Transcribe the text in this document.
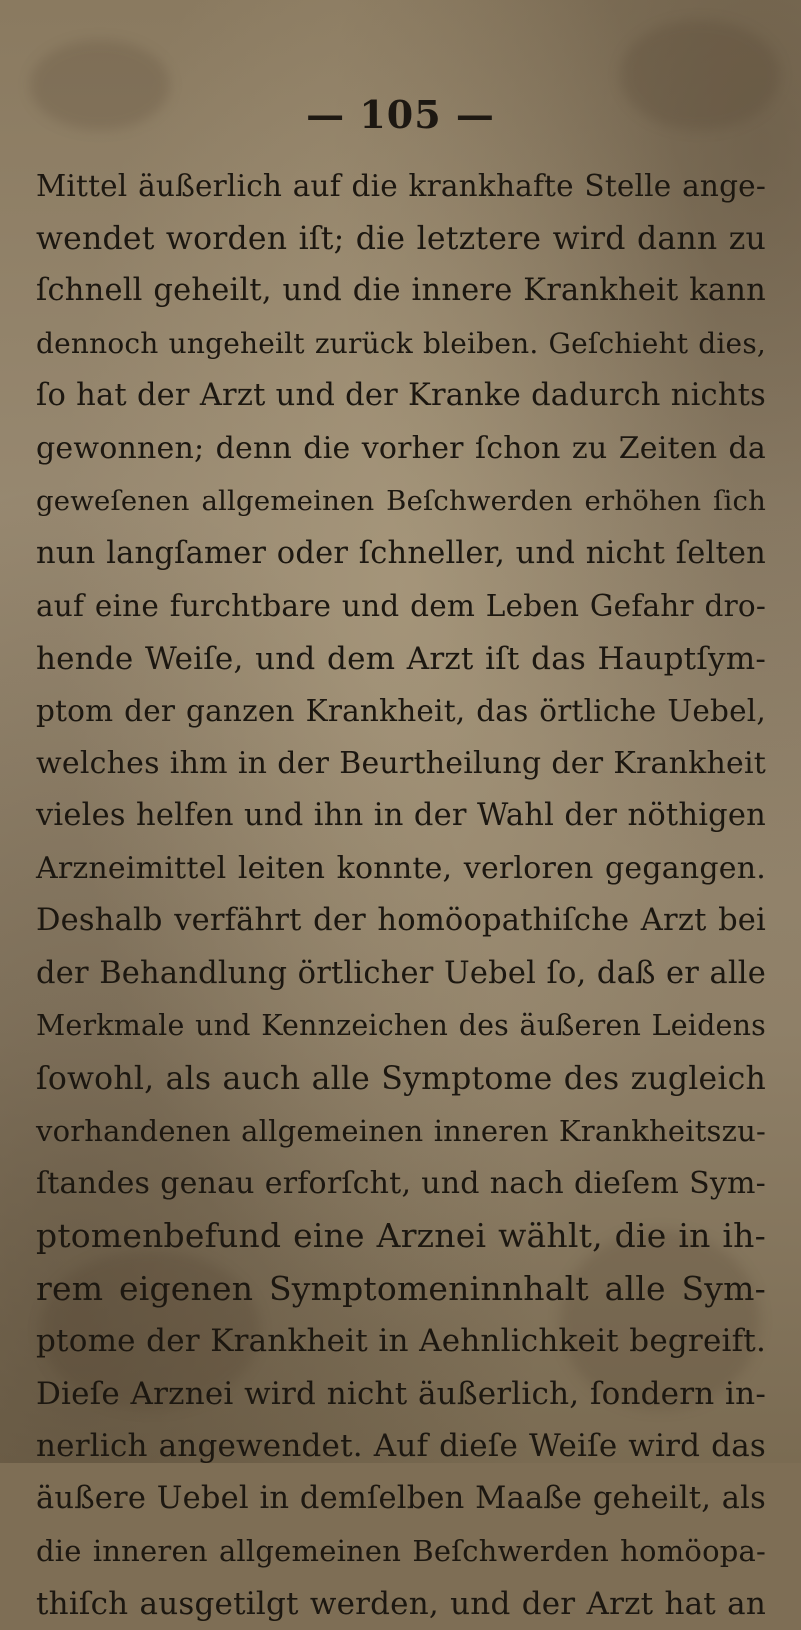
— 105 —
Mittel äußerlich auf die krankhafte Stelle ange-
wendet worden iſt; die letztere wird dann zu
ſchnell geheilt, und die innere Krankheit kann
dennoch ungeheilt zurück bleiben. Geſchieht dies,
ſo hat der Arzt und der Kranke dadurch nichts
gewonnen; denn die vorher ſchon zu Zeiten da
geweſenen allgemeinen Beſchwerden erhöhen ſich
nun langſamer oder ſchneller, und nicht ſelten
auf eine furchtbare und dem Leben Gefahr dro-
hende Weiſe, und dem Arzt iſt das Hauptſym-
ptom der ganzen Krankheit, das örtliche Uebel,
welches ihm in der Beurtheilung der Krankheit
vieles helfen und ihn in der Wahl der nöthigen
Arzneimittel leiten konnte, verloren gegangen.
Deshalb verfährt der homöopathiſche Arzt bei
der Behandlung örtlicher Uebel ſo, daß er alle
Merkmale und Kennzeichen des äußeren Leidens
ſowohl, als auch alle Symptome des zugleich
vorhandenen allgemeinen inneren Krankheitszu-
ſtandes genau erforſcht, und nach dieſem Sym-
ptomenbefund eine Arznei wählt, die in ih-
rem eigenen Symptomeninnhalt alle Sym-
ptome der Krankheit in Aehnlichkeit begreift.
Dieſe Arznei wird nicht äußerlich, ſondern in-
nerlich angewendet. Auf dieſe Weiſe wird das
äußere Uebel in demſelben Maaße geheilt, als
die inneren allgemeinen Beſchwerden homöopa-
thiſch ausgetilgt werden, und der Arzt hat an
